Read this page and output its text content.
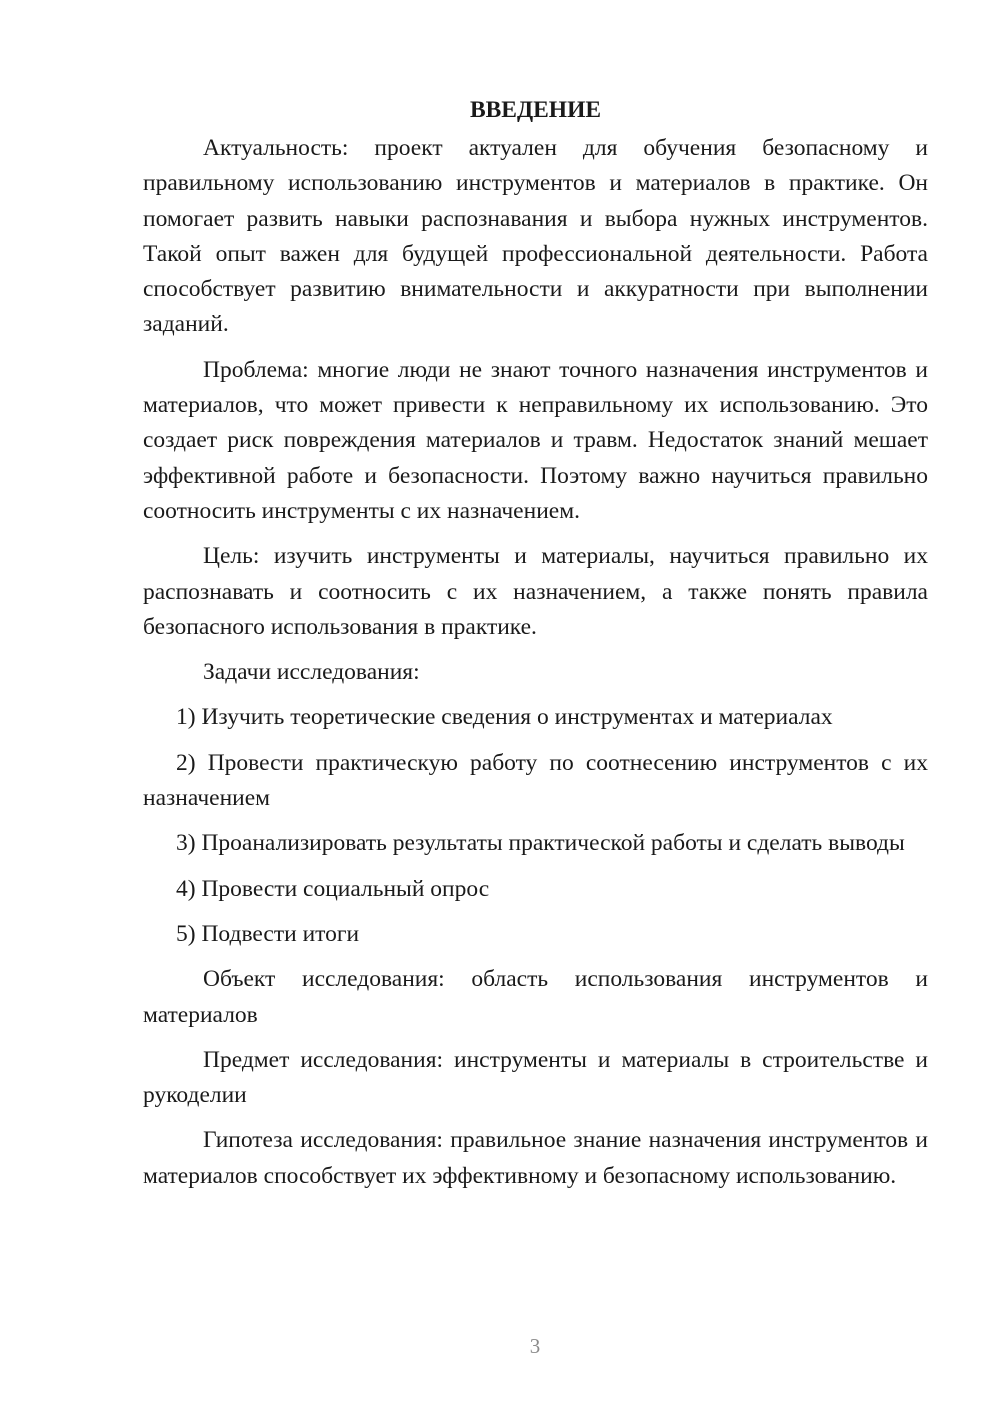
ВВЕДЕНИЕ

Актуальность: проект актуален для обучения безопасному и правильному использованию инструментов и материалов в практике. Он помогает развить навыки распознавания и выбора нужных инструментов. Такой опыт важен для будущей профессиональной деятельности. Работа способствует развитию внимательности и аккуратности при выполнении заданий.

Проблема: многие люди не знают точного назначения инструментов и материалов, что может привести к неправильному их использованию. Это создает риск повреждения материалов и травм. Недостаток знаний мешает эффективной работе и безопасности. Поэтому важно научиться правильно соотносить инструменты с их назначением.

Цель: изучить инструменты и материалы, научиться правильно их распознавать и соотносить с их назначением, а также понять правила безопасного использования в практике.

Задачи исследования:

1) Изучить теоретические сведения о инструментах и материалах

2) Провести практическую работу по соотнесению инструментов с их назначением

3) Проанализировать результаты практической работы и сделать выводы

4) Провести социальный опрос

5) Подвести итоги

Объект исследования: область использования инструментов и материалов

Предмет исследования: инструменты и материалы в строительстве и рукоделии

Гипотеза исследования: правильное знание назначения инструментов и материалов способствует их эффективному и безопасному использованию.

3
